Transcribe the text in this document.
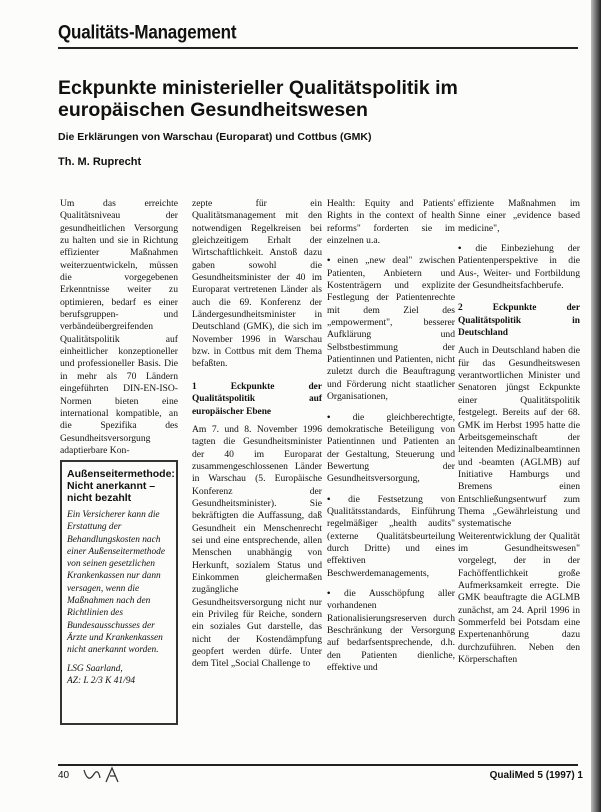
Qualitäts-Management
Eckpunkte ministerieller Qualitätspolitik im europäischen Gesundheitswesen
Die Erklärungen von Warschau (Europarat) und Cottbus (GMK)
Th. M. Ruprecht

Um das erreichte Qualitätsniveau der gesundheitlichen Versorgung zu halten und sie in Richtung effizienter Maßnahmen weiterzuentwickeln, müssen die vorgegebenen Erkenntnisse weiter zu optimieren, bedarf es einer berufsgruppen- und verbändeübergreifenden Qualitätspolitik auf einheitlicher konzeptioneller und professioneller Basis. Die in mehr als 70 Ländern eingeführten DIN-EN-ISO-Normen bieten eine international kompatible, an die Spezifika des Gesundheitsversorgung adaptierbare Kon-

Außenseitermethode: Nicht anerkannt – nicht bezahlt
Ein Versicherer kann die Erstattung der Behandlungskosten nach einer Außenseitermethode von seinen gesetzlichen Krankenkassen nur dann versagen, wenn die Maßnahmen nach den Richtlinien des Bundesausschusses der Ärzte und Krankenkassen nicht anerkannt worden.
LSG Saarland,
AZ: L 2/3 K 41/94

zepte für ein Qualitätsmanagement mit den notwendigen Regelkreisen bei gleichzeitigem Erhalt der Wirtschaftlichkeit. Anstoß dazu gaben sowohl die Gesundheitsminister der 40 im Europarat vertretenen Länder als auch die 69. Konferenz der Ländergesundheitsminister in Deutschland (GMK), die sich im November 1996 in Warschau bzw. in Cottbus mit dem Thema befaßten.

1 Eckpunkte der Qualitätspolitik auf europäischer Ebene

Am 7. und 8. November 1996 tagten die Gesundheitsminister der 40 im Europarat zusammengeschlossenen Länder in Warschau (5. Europäische Konferenz der Gesundheitsminister). Sie bekräftigten die Auffassung, daß Gesundheit ein Menschenrecht sei und eine entsprechende, allen Menschen unabhängig von Herkunft, sozialem Status und Einkommen gleichermaßen zugängliche Gesundheitsversorgung nicht nur ein Privileg für Reiche, sondern ein soziales Gut darstelle, das nicht der Kostendämpfung geopfert werden dürfe. Unter dem Titel „Social Challenge to

Health: Equity and Patients' Rights in the context of health reforms" forderten sie im einzelnen u.a.

• einen „new deal" zwischen Patienten, Anbietern und Kostenträgern und explizite Festlegung der Patientenrechte mit dem Ziel des „empowerment", besserer Aufklärung und Selbstbestimmung der Patientinnen und Patienten, nicht zuletzt durch die Beauftragung und Förderung nicht staatlicher Organisationen,

• die gleichberechtigte, demokratische Beteiligung von Patientinnen und Patienten an der Gestaltung, Steuerung und Bewertung der Gesundheitsversorgung,

• die Festsetzung von Qualitätsstandards, Einführung regelmäßiger „health audits" (externe Qualitätsbeurteilung durch Dritte) und eines effektiven Beschwerdemanagements,

• die Ausschöpfung aller vorhandenen Rationalisierungsreserven durch Beschränkung der Versorgung auf bedarfsentsprechende, d.h. den Patienten dienliche, effektive und

effiziente Maßnahmen im Sinne einer „evidence based medicine",

• die Einbeziehung der Patientenperspektive in die Aus-, Weiter- und Fortbildung der Gesundheitsfachberufe.

2 Eckpunkte der Qualitätspolitik in Deutschland

Auch in Deutschland haben die für das Gesundheitswesen verantwortlichen Minister und Senatoren jüngst Eckpunkte einer Qualitätspolitik festgelegt. Bereits auf der 68. GMK im Herbst 1995 hatte die Arbeitsgemeinschaft der leitenden Medizinalbeamtinnen und -beamten (AGLMB) auf Initiative Hamburgs und Bremens einen Entschließungsentwurf zum Thema „Gewährleistung und systematische Weiterentwicklung der Qualität im Gesundheitswesen" vorgelegt, der in der Fachöffentlichkeit große Aufmerksamkeit erregte. Die GMK beauftragte die AGLMB zunächst, am 24. April 1996 in Sommerfeld bei Potsdam eine Expertenanhörung dazu durchzuführen. Neben den Körperschaften

40	QualiMed 5 (1997) 1
